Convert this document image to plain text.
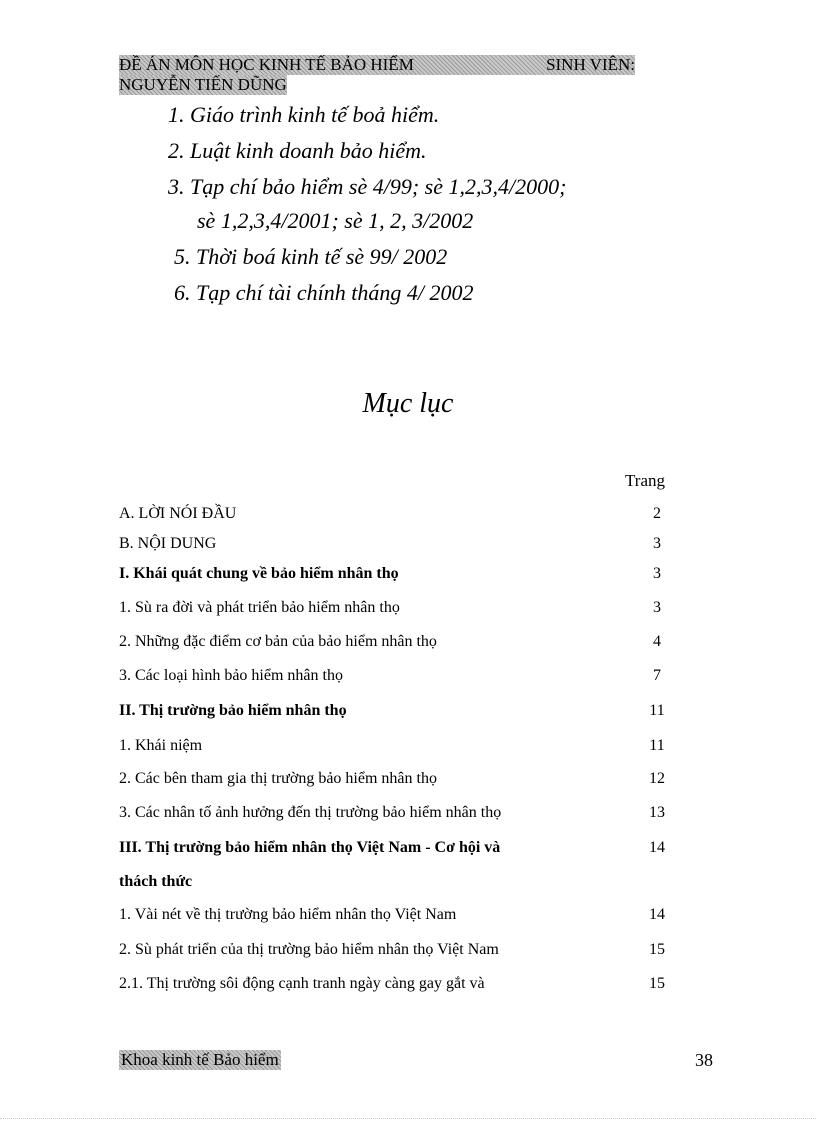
ĐỀ ÁN MÔN HỌC KINH TẾ BẢO HIỂM	SINH VIÊN:
NGUYỄN TIẾN DŨNG
1. Giáo trình kinh tế boả hiểm.
2. Luật kinh doanh bảo hiểm.
3. Tạp chí bảo hiểm sè 4/99; sè 1,2,3,4/2000;
sè 1,2,3,4/2001; sè 1, 2, 3/2002
5. Thời boá kinh tế sè 99/ 2002
6. Tạp chí tài chính tháng 4/ 2002
Mục lục
Trang
A. LỜI NÓI ĐẦU	2
B. NỘI DUNG	3
I. Khái quát chung về bảo hiểm nhân thọ	3
1. Sù ra đời và phát triển bảo hiểm nhân thọ	3
2. Những đặc điểm cơ bản của bảo hiểm nhân thọ	4
3. Các loại hình bảo hiểm nhân thọ	7
II. Thị trường bảo hiểm nhân thọ	11
1. Khái niệm	11
2. Các bên tham gia thị trường bảo hiểm nhân thọ	12
3. Các nhân tố ảnh hưởng đến thị trường bảo hiểm nhân thọ	13
III. Thị trường bảo hiểm nhân thọ Việt Nam - Cơ hội và	14
thách thức
1. Vài nét về thị trường bảo hiểm nhân thọ Việt Nam	14
2. Sù phát triển của thị trường bảo hiểm nhân thọ Việt Nam	15
2.1. Thị trường sôi động cạnh tranh ngày càng gay gắt và	15
Khoa kinh tế Bảo hiểm	38
